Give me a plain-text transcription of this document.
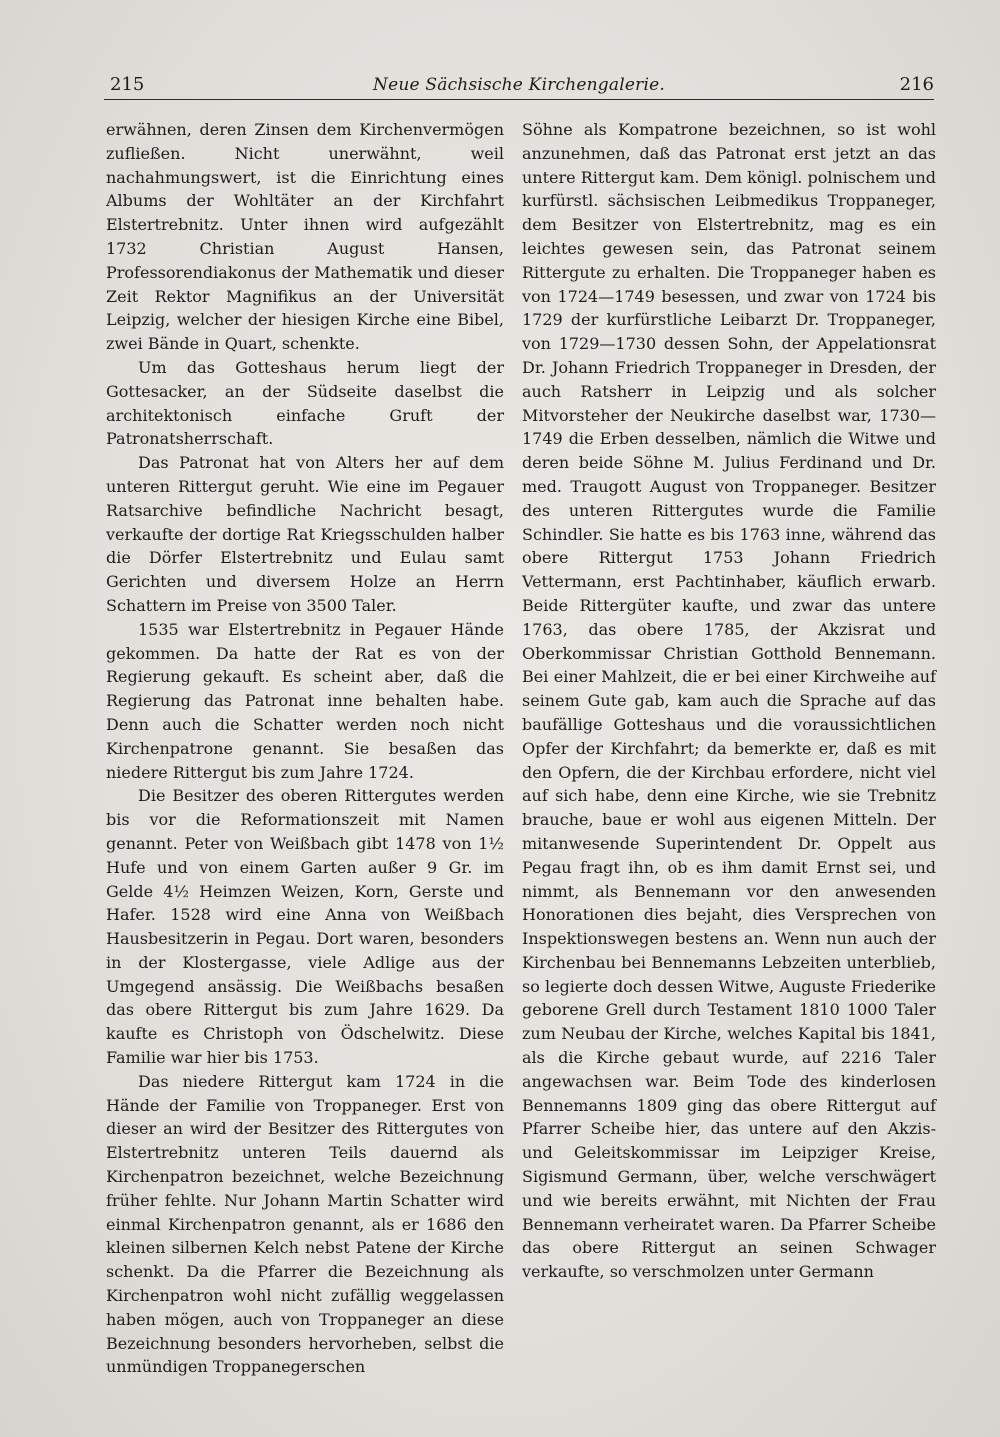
215	Neue Sächsische Kirchengalerie.	216

erwähnen, deren Zinsen dem Kirchenvermögen zufließen. Nicht unerwähnt, weil nachahmungswert, ist die Einrichtung eines Albums der Wohltäter an der Kirchfahrt Elstertrebnitz. Unter ihnen wird aufgezählt 1732 Christian August Hansen, Professorendiakonus der Mathematik und dieser Zeit Rektor Magnifikus an der Universität Leipzig, welcher der hiesigen Kirche eine Bibel, zwei Bände in Quart, schenkte.

Um das Gotteshaus herum liegt der Gottesacker, an der Südseite daselbst die architektonisch einfache Gruft der Patronatsherrschaft.

Das Patronat hat von Alters her auf dem unteren Rittergut geruht. Wie eine im Pegauer Ratsarchive befindliche Nachricht besagt, verkaufte der dortige Rat Kriegsschulden halber die Dörfer Elstertrebnitz und Eulau samt Gerichten und diversem Holze an Herrn Schattern im Preise von 3500 Taler.

1535 war Elstertrebnitz in Pegauer Hände gekommen. Da hatte der Rat es von der Regierung gekauft. Es scheint aber, daß die Regierung das Patronat inne behalten habe. Denn auch die Schatter werden noch nicht Kirchenpatrone genannt. Sie besaßen das niedere Rittergut bis zum Jahre 1724.

Die Besitzer des oberen Rittergutes werden bis vor die Reformationszeit mit Namen genannt. Peter von Weißbach gibt 1478 von 1½ Hufe und von einem Garten außer 9 Gr. im Gelde 4½ Heimzen Weizen, Korn, Gerste und Hafer. 1528 wird eine Anna von Weißbach Hausbesitzerin in Pegau. Dort waren, besonders in der Klostergasse, viele Adlige aus der Umgegend ansässig. Die Weißbachs besaßen das obere Rittergut bis zum Jahre 1629. Da kaufte es Christoph von Ödschelwitz. Diese Familie war hier bis 1753.

Das niedere Rittergut kam 1724 in die Hände der Familie von Troppaneger. Erst von dieser an wird der Besitzer des Rittergutes von Elstertrebnitz unteren Teils dauernd als Kirchenpatron bezeichnet, welche Bezeichnung früher fehlte. Nur Johann Martin Schatter wird einmal Kirchenpatron genannt, als er 1686 den kleinen silbernen Kelch nebst Patene der Kirche schenkt. Da die Pfarrer die Bezeichnung als Kirchenpatron wohl nicht zufällig weggelassen haben mögen, auch von Troppaneger an diese Bezeichnung besonders hervorheben, selbst die unmündigen Troppanegerschen

Söhne als Kompatrone bezeichnen, so ist wohl anzunehmen, daß das Patronat erst jetzt an das untere Rittergut kam. Dem königl. polnischem und kurfürstl. sächsischen Leibmedikus Troppaneger, dem Besitzer von Elstertrebnitz, mag es ein leichtes gewesen sein, das Patronat seinem Rittergute zu erhalten. Die Troppaneger haben es von 1724—1749 besessen, und zwar von 1724 bis 1729 der kurfürstliche Leibarzt Dr. Troppaneger, von 1729—1730 dessen Sohn, der Appelationsrat Dr. Johann Friedrich Troppaneger in Dresden, der auch Ratsherr in Leipzig und als solcher Mitvorsteher der Neukirche daselbst war, 1730—1749 die Erben desselben, nämlich die Witwe und deren beide Söhne M. Julius Ferdinand und Dr. med. Traugott August von Troppaneger. Besitzer des unteren Rittergutes wurde die Familie Schindler. Sie hatte es bis 1763 inne, während das obere Rittergut 1753 Johann Friedrich Vettermann, erst Pachtinhaber, käuflich erwarb. Beide Rittergüter kaufte, und zwar das untere 1763, das obere 1785, der Akzisrat und Oberkommissar Christian Gotthold Bennemann. Bei einer Mahlzeit, die er bei einer Kirchweihe auf seinem Gute gab, kam auch die Sprache auf das baufällige Gotteshaus und die voraussichtlichen Opfer der Kirchfahrt; da bemerkte er, daß es mit den Opfern, die der Kirchbau erfordere, nicht viel auf sich habe, denn eine Kirche, wie sie Trebnitz brauche, baue er wohl aus eigenen Mitteln. Der mitanwesende Superintendent Dr. Oppelt aus Pegau fragt ihn, ob es ihm damit Ernst sei, und nimmt, als Bennemann vor den anwesenden Honorationen dies bejaht, dies Versprechen von Inspektionswegen bestens an. Wenn nun auch der Kirchenbau bei Bennemanns Lebzeiten unterblieb, so legierte doch dessen Witwe, Auguste Friederike geborene Grell durch Testament 1810 1000 Taler zum Neubau der Kirche, welches Kapital bis 1841, als die Kirche gebaut wurde, auf 2216 Taler angewachsen war. Beim Tode des kinderlosen Bennemanns 1809 ging das obere Rittergut auf Pfarrer Scheibe hier, das untere auf den Akzis- und Geleitskommissar im Leipziger Kreise, Sigismund Germann, über, welche verschwägert und wie bereits erwähnt, mit Nichten der Frau Bennemann verheiratet waren. Da Pfarrer Scheibe das obere Rittergut an seinen Schwager verkaufte, so verschmolzen unter Germann
